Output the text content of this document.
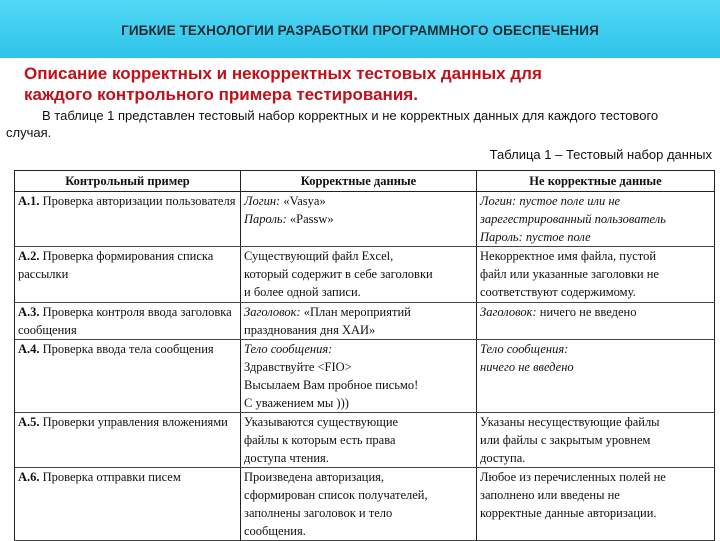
ГИБКИЕ ТЕХНОЛОГИИ РАЗРАБОТКИ ПРОГРАММНОГО ОБЕСПЕЧЕНИЯ
Описание корректных и некорректных тестовых данных для
каждого контрольного примера тестирования.
В таблице 1 представлен тестовый набор корректных и не корректных данных для каждого тестового случая.
Таблица 1 – Тестовый набор данных
Контрольный пример	Корректные данные	Не корректные данные
A.1. Проверка авторизации пользователя	Логин: «Vasya»
Пароль: «Passw»	Логин: пустое поле или не
зарегестрированный пользователь
Пароль: пустое поле

A.2. Проверка формирования списка рассылки	Существующий файл Excel,
который содержит в себе заголовки
и более одной записи.	Некорректное имя файла, пустой
файл или указанные заголовки не
соответствуют содержимому.

A.3. Проверка контроля ввода заголовка сообщения	Заголовок: «План мероприятий
празднования дня ХАИ»	Заголовок: ничего не введено

A.4. Проверка ввода тела сообщения	Тело сообщения:
Здравствуйте <FIO>
Высылаем Вам пробное письмо!
С уважением мы )))	Тело сообщения:
ничего не введено

A.5. Проверки управления вложениями	Указываются существующие
файлы к которым есть права
доступа чтения.	Указаны несуществующие файлы
или файлы с закрытым уровнем
доступа.

A.6. Проверка отправки писем	Произведена авторизация,
сформирован список получателей,
заполнены заголовок и тело
сообщения.	Любое из перечисленных полей не
заполнено или введены не
корректные данные авторизации.
